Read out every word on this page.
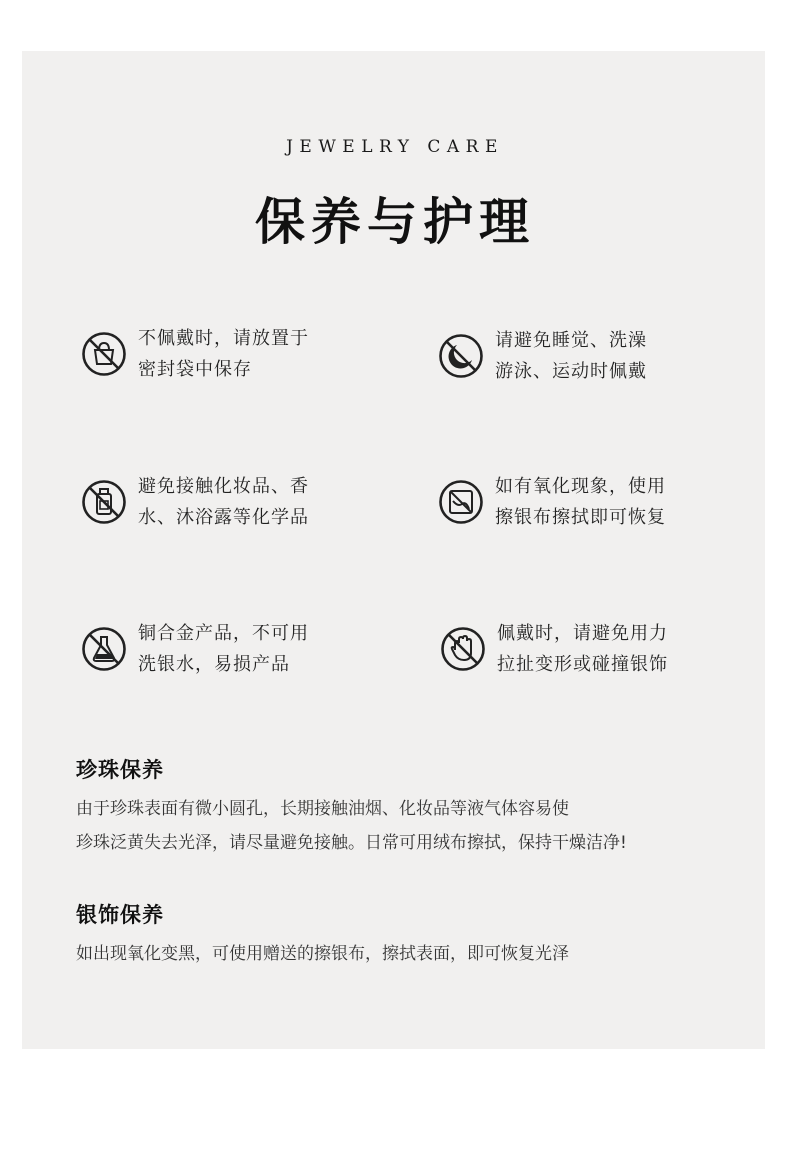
JEWELRY CARE
保养与护理
不佩戴时，请放置于
密封袋中保存
z
请避免睡觉、洗澡
游泳、运动时佩戴
避免接触化妆品、香
水、沐浴露等化学品
如有氧化现象，使用
擦银布擦拭即可恢复
铜合金产品，不可用
洗银水，易损产品
佩戴时，请避免用力
拉扯变形或碰撞银饰
珍珠保养
由于珍珠表面有微小圆孔，长期接触油烟、化妆品等液气体容易使
珍珠泛黄失去光泽，请尽量避免接触。日常可用绒布擦拭，保持干燥洁净!
银饰保养
如出现氧化变黑，可使用赠送的擦银布，擦拭表面，即可恢复光泽
